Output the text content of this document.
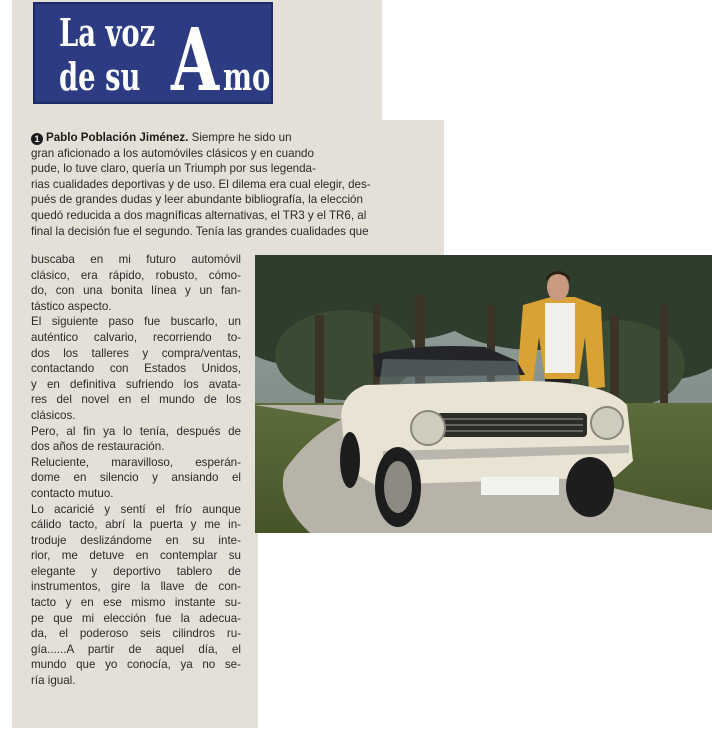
La voz
de su A mo
1 Pablo Población Jiménez. Siempre he sido un
gran aficionado a los automóviles clásicos y en cuando
pude, lo tuve claro, quería un Triumph por sus legenda-
rias cualidades deportivas y de uso. El dilema era cual elegir, des-
pués de grandes dudas y leer abundante bibliografía, la elección
quedó reducida a dos magníficas alternativas, el TR3 y el TR6, al
final la decisión fue el segundo. Tenía las grandes cualidades que

buscaba en mi futuro automóvil
clásico, era rápido, robusto, cómo-
do, con una bonita línea y un fan-
tástico aspecto.

El siguiente paso fue buscarlo, un
auténtico calvario, recorriendo to-
dos los talleres y compra/ventas,
contactando con Estados Unidos,
y en definitiva sufriendo los avata-
res del novel en el mundo de los
clásicos.

Pero, al fin ya lo tenía, después de
dos años de restauración.

Reluciente, maravilloso, esperán-
dome en silencio y ansiando el
contacto mutuo.

Lo acaricié y sentí el frío aunque
cálido tacto, abrí la puerta y me in-
troduje deslizándome en su inte-
rior, me detuve en contemplar su
elegante y deportivo tablero de
instrumentos, gire la llave de con-
tacto y en ese mismo instante su-
pe que mi elección fue la adecua-
da, el poderoso seis cilindros ru-
gía......A partir de aquel día, el
mundo que yo conocía, ya no se-
ría igual.
